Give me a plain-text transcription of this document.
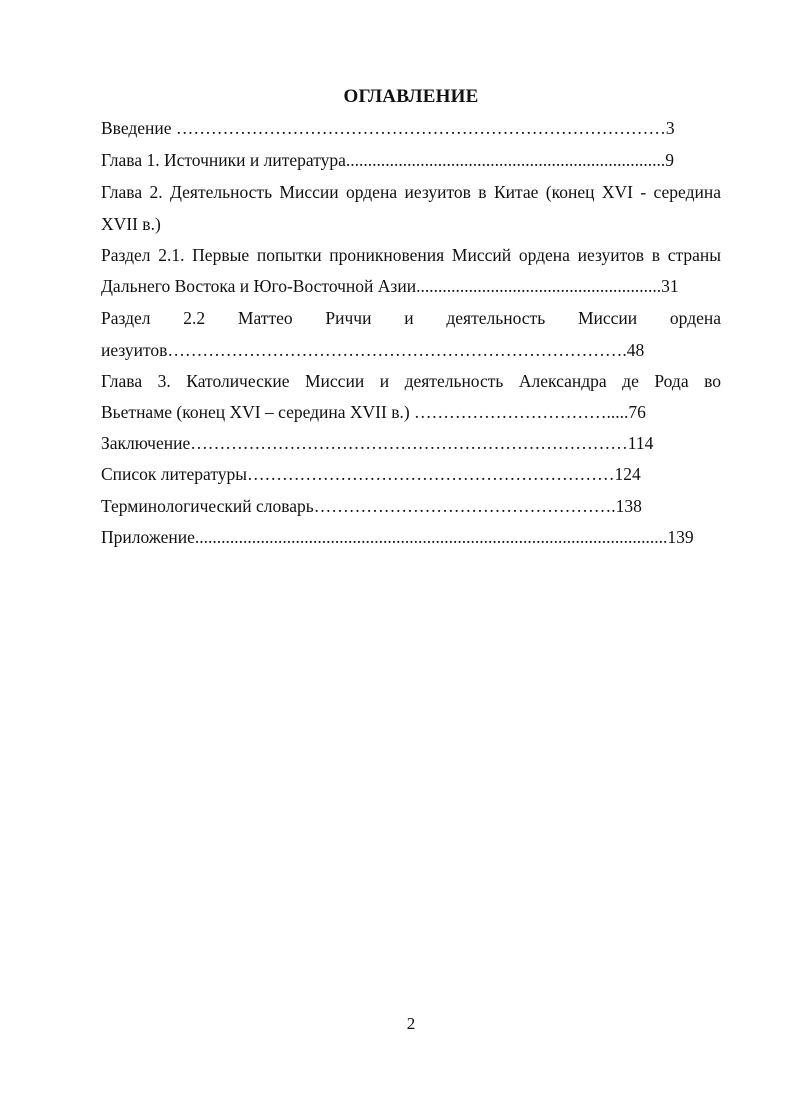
ОГЛАВЛЕНИЕ
Введение …………………………………………………………………………3
Глава 1. Источники и литература.........................................................................9
Глава 2. Деятельность Миссии ордена иезуитов в Китае (конец XVI - середина
XVII в.)
Раздел 2.1. Первые попытки проникновения Миссий ордена иезуитов в страны
Дальнего Востока и Юго-Восточной Азии........................................................31
Раздел 2.2 Маттео Риччи и деятельность Миссии ордена
иезуитов…………………………………………………………………….48
Глава 3. Католические Миссии и деятельность Александра де Рода во
Вьетнаме (конец XVI – середина XVII в.) …………………………….....76
Заключение…………………………………………………………………114
Список литературы………………………………………………………124
Терминологический словарь…………………………………………….138
Приложение............................................................................................................139
2
